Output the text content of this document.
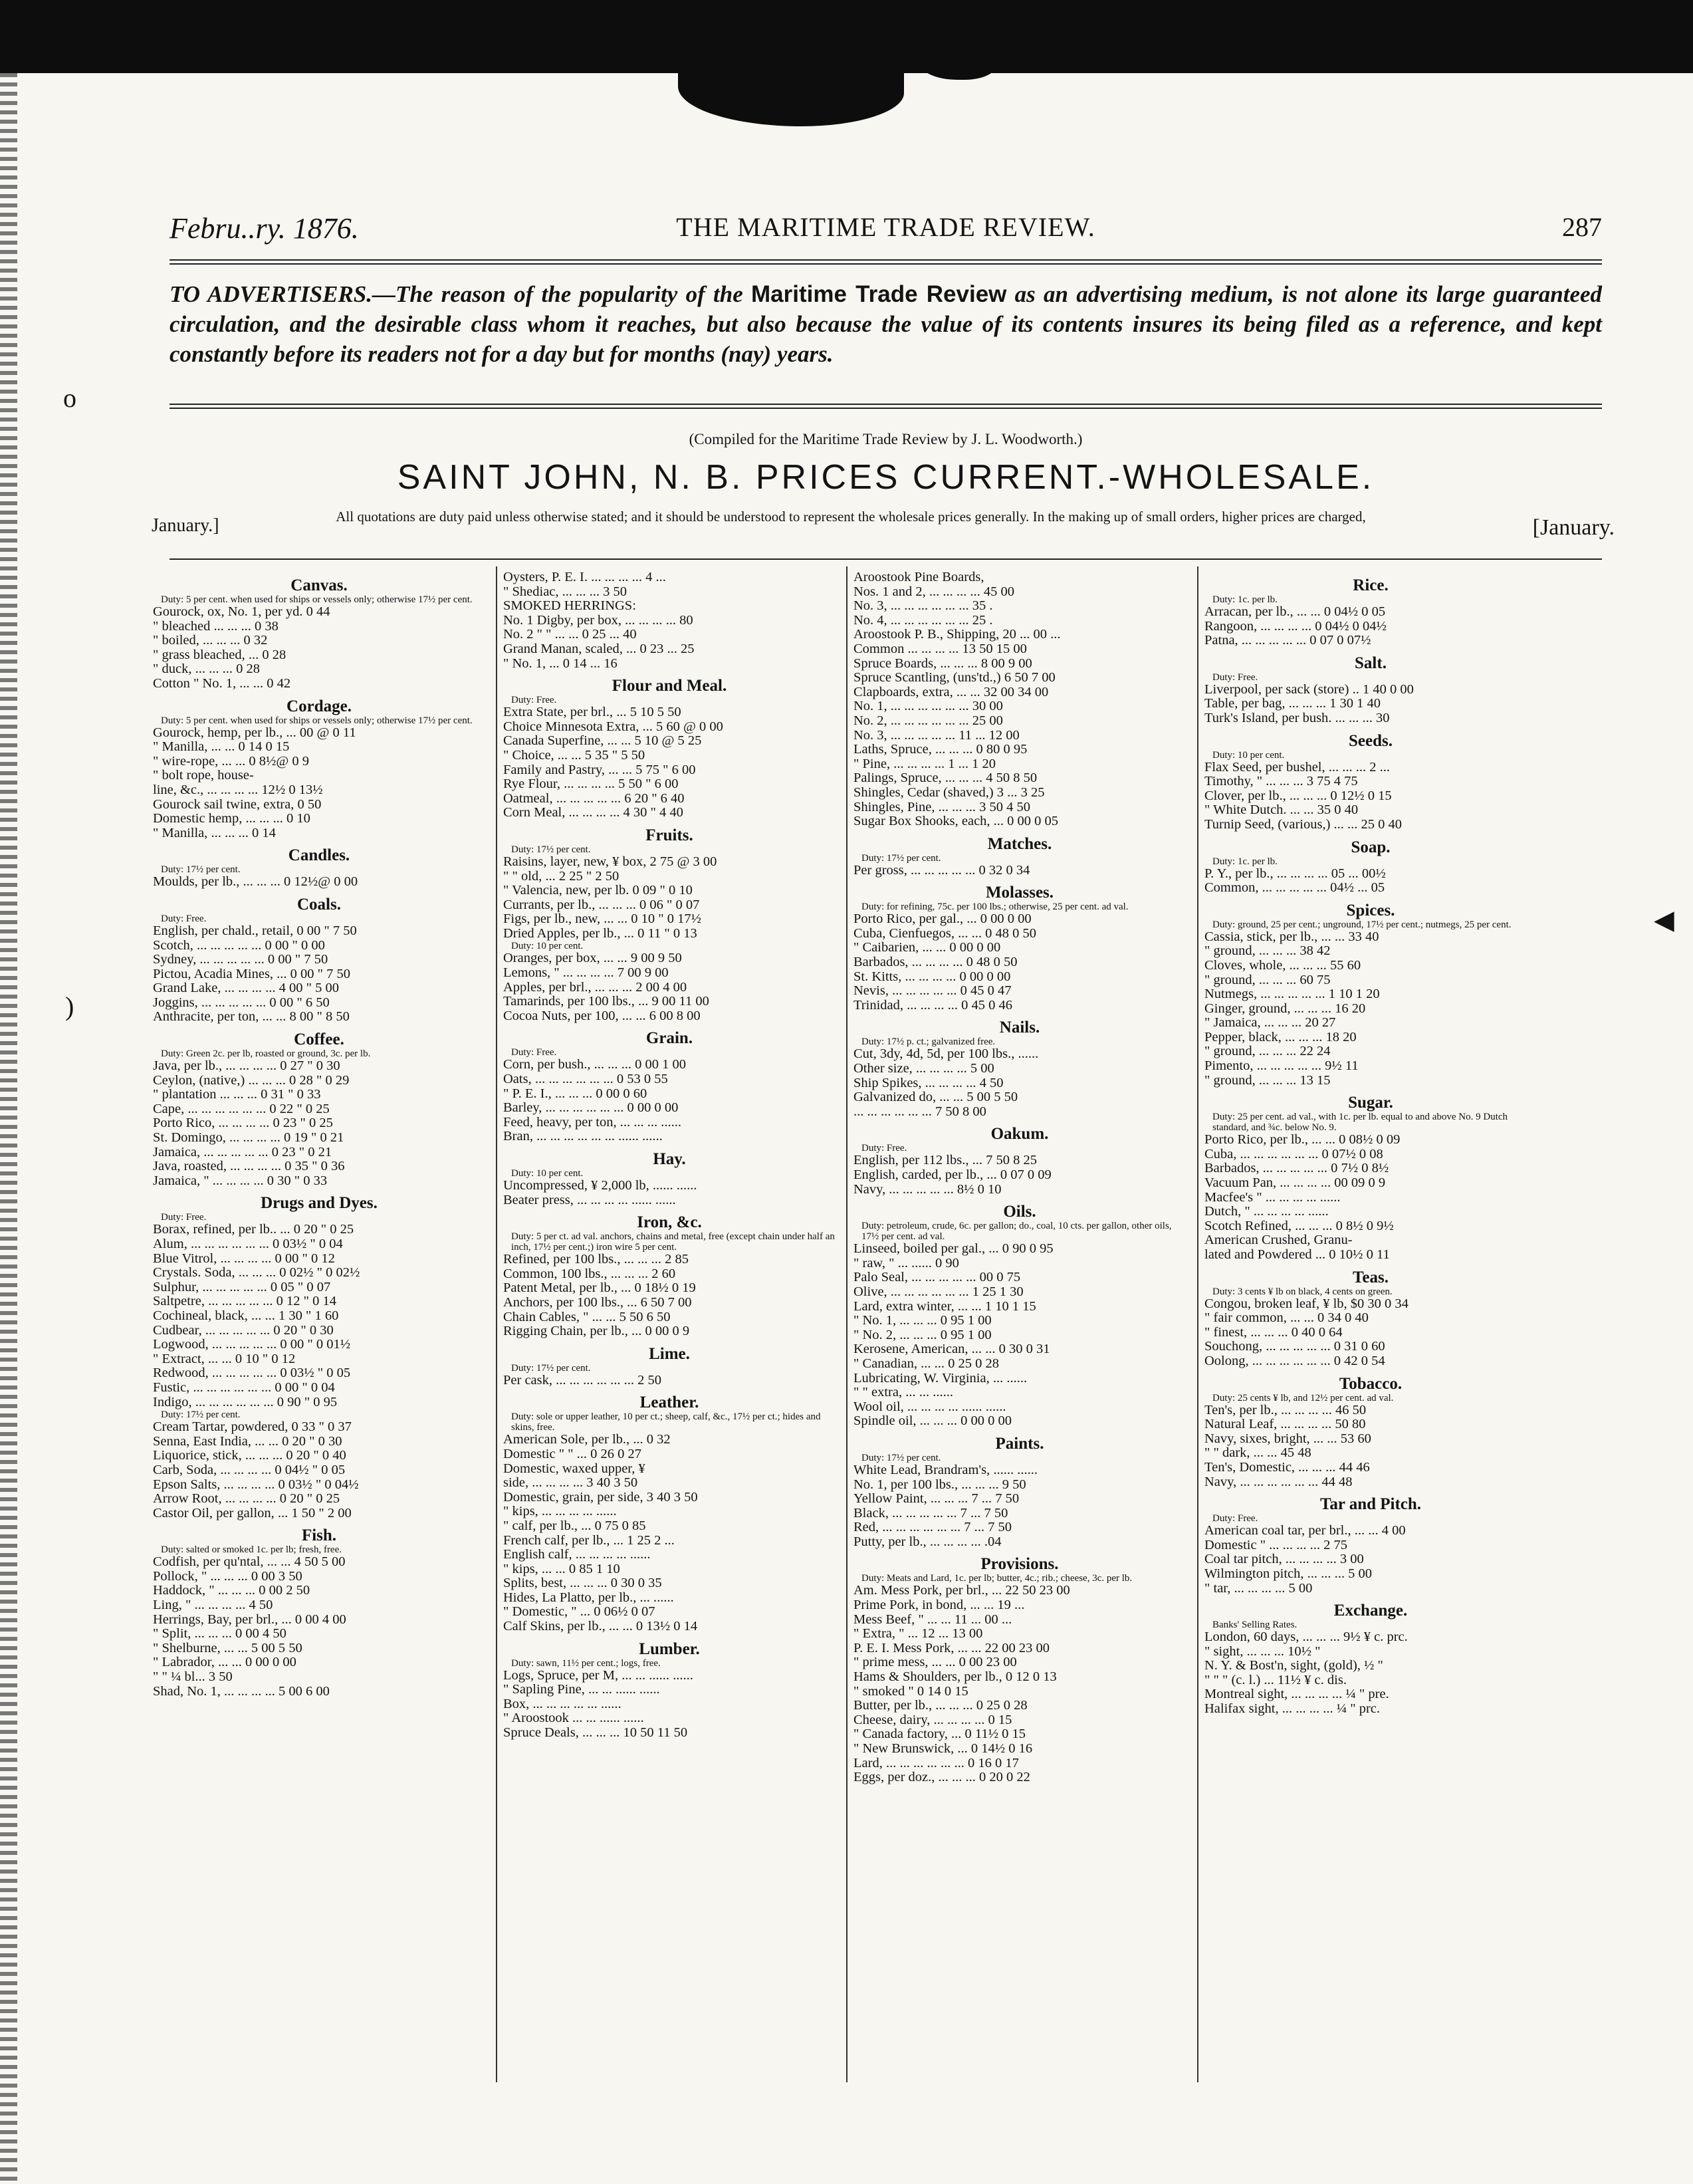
Febru..ry. 1876.	THE MARITIME TRADE REVIEW.	287
TO ADVERTISERS.—The reason of the popularity of the Maritime Trade Review as an advertising medium, is not alone its large guaranteed circulation, and the desirable class whom it reaches, but also because the value of its contents insures its being filed as a reference, and kept constantly before its readers not for a day but for months (nay) years.
(Compiled for the Maritime Trade Review by J. L. Woodworth.)
SAINT JOHN, N. B. PRICES CURRENT.-WHOLESALE.
January.]	[January.
All quotations are duty paid unless otherwise stated; and it should be understood to represent the wholesale prices generally. In the making up of small orders, higher prices are charged,
Canvas.
Duty: 5 per cent. when used for ships or vessels only; otherwise 17½ per cent.
Gourock, ox, No. 1, per yd. 0 44
" bleached ... ... ... 0 38
" boiled, ... ... ... 0 32
" grass bleached, ... 0 28
" duck, ... ... ... 0 28
Cotton " No. 1, ... ... 0 42
Cordage.
Duty: 5 per cent. when used for ships or vessels only; otherwise 17½ per cent.
Gourock, hemp, per lb., ... 00 @ 0 11
" Manilla, ... ... 0 14 0 15
" wire-rope, ... ... 0 8½@ 0 9
" bolt rope, house-
line, &c., ... ... ... ... 12½ 0 13½
Gourock sail twine, extra, 0 50
Domestic hemp, ... ... ... 0 10
" Manilla, ... ... ... 0 14
Candles.
Duty: 17½ per cent.
Moulds, per lb., ... ... ... 0 12½@ 0 00
Coals.
Duty: Free.
English, per chald., retail, 0 00 " 7 50
Scotch, ... ... ... ... ... 0 00 " 0 00
Sydney, ... ... ... ... ... 0 00 " 7 50
Pictou, Acadia Mines, ... 0 00 " 7 50
Grand Lake, ... ... ... ... 4 00 " 5 00
Joggins, ... ... ... ... ... 0 00 " 6 50
Anthracite, per ton, ... ... 8 00 " 8 50
Coffee.
Duty: Green 2c. per lb, roasted or ground, 3c. per lb.
Java, per lb., ... ... ... ... 0 27 " 0 30
Ceylon, (native,) ... ... ... 0 28 " 0 29
" plantation ... ... ... 0 31 " 0 33
Cape, ... ... ... ... ... ... 0 22 " 0 25
Porto Rico, ... ... ... ... 0 23 " 0 25
St. Domingo, ... ... ... ... 0 19 " 0 21
Jamaica, ... ... ... ... ... 0 23 " 0 21
Java, roasted, ... ... ... ... 0 35 " 0 36
Jamaica, " ... ... ... ... 0 30 " 0 33
Drugs and Dyes.
Duty: Free.
Borax, refined, per lb.. ... 0 20 " 0 25
Alum, ... ... ... ... ... ... 0 03½ " 0 04
Blue Vitrol, ... ... ... ... 0 00 " 0 12
Crystals. Soda, ... ... ... 0 02½ " 0 02½
Sulphur, ... ... ... ... ... 0 05 " 0 07
Saltpetre, ... ... ... ... ... 0 12 " 0 14
Cochineal, black, ... ... 1 30 " 1 60
Cudbear, ... ... ... ... ... 0 20 " 0 30
Logwood, ... ... ... ... ... 0 00 " 0 01½
" Extract, ... ... 0 10 " 0 12
Redwood, ... ... ... ... ... 0 03½ " 0 05
Fustic, ... ... ... ... ... ... 0 00 " 0 04
Indigo, ... ... ... ... ... ... 0 90 " 0 95
Duty: 17½ per cent.
Cream Tartar, powdered, 0 33 " 0 37
Senna, East India, ... ... 0 20 " 0 30
Liquorice, stick, ... ... ... 0 20 " 0 40
Carb, Soda, ... ... ... ... 0 04½ " 0 05
Epson Salts, ... ... ... ... 0 03½ " 0 04½
Arrow Root, ... ... ... ... 0 20 " 0 25
Castor Oil, per gallon, ... 1 50 " 2 00
Fish.
Duty: salted or smoked 1c. per lb; fresh, free.
Codfish, per qu'ntal, ... ... 4 50 5 00
Pollock, " ... ... ... 0 00 3 50
Haddock, " ... ... ... 0 00 2 50
Ling, " ... ... ... ... 4 50
Herrings, Bay, per brl., ... 0 00 4 00
" Split, ... ... ... 0 00 4 50
" Shelburne, ... ... 5 00 5 50
" Labrador, ... ... 0 00 0 00
" " ¼ bl... 3 50
Shad, No. 1, ... ... ... ... 5 00 6 00
Oysters, P. E. I. ... ... ... ... 4 ...
" Shediac, ... ... ... 3 50
SMOKED HERRINGS:
No. 1 Digby, per box, ... ... ... ... 80
No. 2 " " ... ... 0 25 ... 40
Grand Manan, scaled, ... 0 23 ... 25
" No. 1, ... 0 14 ... 16
Flour and Meal.
Duty: Free.
Extra State, per brl., ... 5 10 5 50
Choice Minnesota Extra, ... 5 60 @ 0 00
Canada Superfine, ... ... 5 10 @ 5 25
" Choice, ... ... 5 35 " 5 50
Family and Pastry, ... ... 5 75 " 6 00
Rye Flour, ... ... ... ... 5 50 " 6 00
Oatmeal, ... ... ... ... ... 6 20 " 6 40
Corn Meal, ... ... ... ... 4 30 " 4 40
Fruits.
Duty: 17½ per cent.
Raisins, layer, new, ¥ box, 2 75 @ 3 00
" " old, ... 2 25 " 2 50
" Valencia, new, per lb. 0 09 " 0 10
Currants, per lb., ... ... ... 0 06 " 0 07
Figs, per lb., new, ... ... 0 10 " 0 17½
Dried Apples, per lb., ... 0 11 " 0 13
Duty: 10 per cent.
Oranges, per box, ... ... 9 00 9 50
Lemons, " ... ... ... ... 7 00 9 00
Apples, per brl., ... ... ... 2 00 4 00
Tamarinds, per 100 lbs., ... 9 00 11 00
Cocoa Nuts, per 100, ... ... 6 00 8 00
Grain.
Duty: Free.
Corn, per bush., ... ... ... 0 00 1 00
Oats, ... ... ... ... ... ... 0 53 0 55
" P. E. I., ... ... ... 0 00 0 60
Barley, ... ... ... ... ... ... 0 00 0 00
Feed, heavy, per ton, ... ... ... ......
Bran, ... ... ... ... ... ... ...... ......
Hay.
Duty: 10 per cent.
Uncompressed, ¥ 2,000 lb, ...... ......
Beater press, ... ... ... ... ...... ......
Iron, &c.
Duty: 5 per ct. ad val. anchors, chains and metal, free (except chain under half an inch, 17½ per cent.;) iron wire 5 per cent.
Refined, per 100 lbs., ... ... ... 2 85
Common, 100 lbs., ... ... ... 2 60
Patent Metal, per lb., ... 0 18½ 0 19
Anchors, per 100 lbs., ... 6 50 7 00
Chain Cables, " ... ... 5 50 6 50
Rigging Chain, per lb., ... 0 00 0 9
Lime.
Duty: 17½ per cent.
Per cask, ... ... ... ... ... ... 2 50
Leather.
Duty: sole or upper leather, 10 per ct.; sheep, calf, &c., 17½ per ct.; hides and skins, free.
American Sole, per lb., ... 0 32
Domestic " " ... 0 26 0 27
Domestic, waxed upper, ¥
side, ... ... ... ... 3 40 3 50
Domestic, grain, per side, 3 40 3 50
" kips, ... ... ... ... ......
" calf, per lb., ... 0 75 0 85
French calf, per lb., ... 1 25 2 ...
English calf, ... ... ... ... ......
" kips, ... ... 0 85 1 10
Splits, best, ... ... ... 0 30 0 35
Hides, La Platto, per lb., ... ......
" Domestic, " ... 0 06½ 0 07
Calf Skins, per lb., ... ... 0 13½ 0 14
Lumber.
Duty: sawn, 11½ per cent.; logs, free.
Logs, Spruce, per M, ... ... ...... ......
" Sapling Pine, ... ... ...... ......
Box, ... ... ... ... ... ......
" Aroostook ... ... ...... ......
Spruce Deals, ... ... ... 10 50 11 50
Aroostook Pine Boards,
Nos. 1 and 2, ... ... ... ... 45 00
No. 3, ... ... ... ... ... ... 35 .
No. 4, ... ... ... ... ... ... 25 .
Aroostook P. B., Shipping, 20 ... 00 ...
Common ... ... ... ... 13 50 15 00
Spruce Boards, ... ... ... 8 00 9 00
Spruce Scantling, (uns'td.,) 6 50 7 00
Clapboards, extra, ... ... 32 00 34 00
No. 1, ... ... ... ... ... ... 30 00
No. 2, ... ... ... ... ... ... 25 00
No. 3, ... ... ... ... ... 11 ... 12 00
Laths, Spruce, ... ... ... 0 80 0 95
" Pine, ... ... ... ... 1 ... 1 20
Palings, Spruce, ... ... ... 4 50 8 50
Shingles, Cedar (shaved,) 3 ... 3 25
Shingles, Pine, ... ... ... 3 50 4 50
Sugar Box Shooks, each, ... 0 00 0 05
Matches.
Duty: 17½ per cent.
Per gross, ... ... ... ... ... 0 32 0 34
Molasses.
Duty: for refining, 75c. per 100 lbs.; otherwise, 25 per cent. ad val.
Porto Rico, per gal., ... 0 00 0 00
Cuba, Cienfuegos, ... ... 0 48 0 50
" Caibarien, ... ... 0 00 0 00
Barbados, ... ... ... ... 0 48 0 50
St. Kitts, ... ... ... ... 0 00 0 00
Nevis, ... ... ... ... ... 0 45 0 47
Trinidad, ... ... ... ... 0 45 0 46
Nails.
Duty: 17½ p. ct.; galvanized free.
Cut, 3dy, 4d, 5d, per 100 lbs., ......
Other size, ... ... ... ... 5 00
Ship Spikes, ... ... ... ... 4 50
Galvanized do, ... ... 5 00 5 50
... ... ... ... ... ... 7 50 8 00
Oakum.
Duty: Free.
English, per 112 lbs., ... 7 50 8 25
English, carded, per lb., ... 0 07 0 09
Navy, ... ... ... ... ... 8½ 0 10
Oils.
Duty: petroleum, crude, 6c. per gallon; do., coal, 10 cts. per gallon, other oils, 17½ per cent. ad val.
Linseed, boiled per gal., ... 0 90 0 95
" raw, " ... ...... 0 90
Palo Seal, ... ... ... ... ... 00 0 75
Olive, ... ... ... ... ... ... 1 25 1 30
Lard, extra winter, ... ... 1 10 1 15
" No. 1, ... ... ... 0 95 1 00
" No. 2, ... ... ... 0 95 1 00
Kerosene, American, ... ... 0 30 0 31
" Canadian, ... ... 0 25 0 28
Lubricating, W. Virginia, ... ......
" " extra, ... ... ......
Wool oil, ... ... ... ... ...... ......
Spindle oil, ... ... ... 0 00 0 00
Paints.
Duty: 17½ per cent.
White Lead, Brandram's, ...... ......
No. 1, per 100 lbs., ... ... ... 9 50
Yellow Paint, ... ... ... 7 ... 7 50
Black, ... ... ... ... ... 7 ... 7 50
Red, ... ... ... ... ... ... 7 ... 7 50
Putty, per lb., ... ... ... ... .04
Provisions.
Duty: Meats and Lard, 1c. per lb; butter, 4c.; rib.; cheese, 3c. per lb.
Am. Mess Pork, per brl., ... 22 50 23 00
Prime Pork, in bond, ... ... 19 ...
Mess Beef, " ... ... 11 ... 00 ...
" Extra, " ... 12 ... 13 00
P. E. I. Mess Pork, ... ... 22 00 23 00
" prime mess, ... ... 0 00 23 00
Hams & Shoulders, per lb., 0 12 0 13
" smoked " 0 14 0 15
Butter, per lb., ... ... ... 0 25 0 28
Cheese, dairy, ... ... ... ... 0 15
" Canada factory, ... 0 11½ 0 15
" New Brunswick, ... 0 14½ 0 16
Lard, ... ... ... ... ... ... 0 16 0 17
Eggs, per doz., ... ... ... 0 20 0 22
Rice.
Duty: 1c. per lb.
Arracan, per lb., ... ... 0 04½ 0 05
Rangoon, ... ... ... ... 0 04½ 0 04½
Patna, ... ... ... ... ... 0 07 0 07½
Salt.
Duty: Free.
Liverpool, per sack (store) .. 1 40 0 00
Table, per bag, ... ... ... 1 30 1 40
Turk's Island, per bush. ... ... ... 30
Seeds.
Duty: 10 per cent.
Flax Seed, per bushel, ... ... ... 2 ...
Timothy, " ... ... ... 3 75 4 75
Clover, per lb., ... ... ... 0 12½ 0 15
" White Dutch. ... ... 35 0 40
Turnip Seed, (various,) ... ... 25 0 40
Soap.
Duty: 1c. per lb.
P. Y., per lb., ... ... ... ... 05 ... 00½
Common, ... ... ... ... ... 04½ ... 05
Spices.
Duty: ground, 25 per cent.; unground, 17½ per cent.; nutmegs, 25 per cent.
Cassia, stick, per lb., ... ... 33 40
" ground, ... ... ... 38 42
Cloves, whole, ... ... ... 55 60
" ground, ... ... ... 60 75
Nutmegs, ... ... ... ... ... 1 10 1 20
Ginger, ground, ... ... ... 16 20
" Jamaica, ... ... ... 20 27
Pepper, black, ... ... ... 18 20
" ground, ... ... ... 22 24
Pimento, ... ... ... ... ... 9½ 11
" ground, ... ... ... 13 15
Sugar.
Duty: 25 per cent. ad val., with 1c. per lb. equal to and above No. 9 Dutch standard, and ¾c. below No. 9.
Porto Rico, per lb., ... ... 0 08½ 0 09
Cuba, ... ... ... ... ... ... 0 07½ 0 08
Barbados, ... ... ... ... ... 0 7½ 0 8½
Vacuum Pan, ... ... ... ... 00 09 0 9
Macfee's " ... ... ... ... ......
Dutch, " ... ... ... ... ......
Scotch Refined, ... ... ... 0 8½ 0 9½
American Crushed, Granu-
lated and Powdered ... 0 10½ 0 11
Teas.
Duty: 3 cents ¥ lb on black, 4 cents on green.
Congou, broken leaf, ¥ lb, $0 30 0 34
" fair common, ... ... 0 34 0 40
" finest, ... ... ... 0 40 0 64
Souchong, ... ... ... ... ... 0 31 0 60
Oolong, ... ... ... ... ... ... 0 42 0 54
Tobacco.
Duty: 25 cents ¥ lb, and 12½ per cent. ad val.
Ten's, per lb., ... ... ... ... 46 50
Natural Leaf, ... ... ... ... 50 80
Navy, sixes, bright, ... ... 53 60
" " dark, ... ... 45 48
Ten's, Domestic, ... ... ... 44 46
Navy, ... ... ... ... ... ... 44 48
Tar and Pitch.
Duty: Free.
American coal tar, per brl., ... ... 4 00
Domestic " ... ... ... ... 2 75
Coal tar pitch, ... ... ... ... 3 00
Wilmington pitch, ... ... ... 5 00
" tar, ... ... ... ... 5 00
Exchange.
Banks' Selling Rates.
London, 60 days, ... ... ... 9½ ¥ c. prc.
" sight, ... ... ... 10½ "
N. Y. & Bost'n, sight, (gold), ½ "
" " " (c. l.) ... 11½ ¥ c. dis.
Montreal sight, ... ... ... ... ¼ " pre.
Halifax sight, ... ... ... ... ¼ " prc.
o
)
◀
